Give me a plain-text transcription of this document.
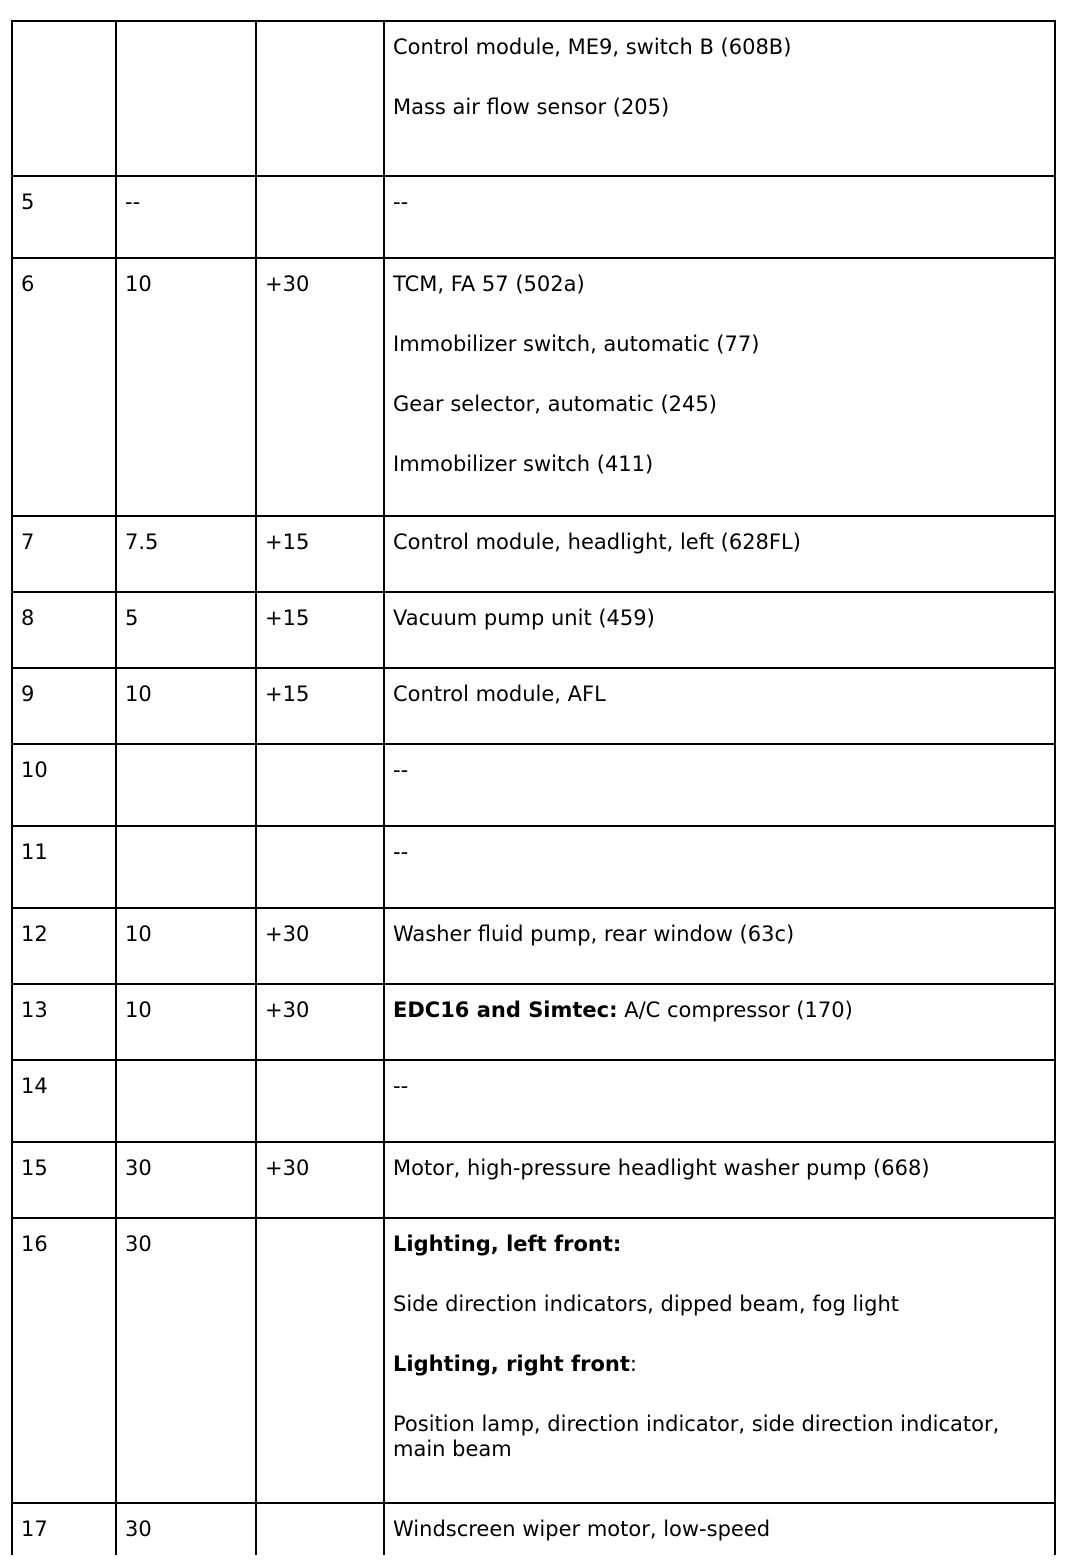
			Control module, ME9, switch B (608B)
Mass air flow sensor (205)

5	--		--

6	10	+30	TCM, FA 57 (502a)
Immobilizer switch, automatic (77)
Gear selector, automatic (245)
Immobilizer switch (411)

7	7.5	+15	Control module, headlight, left (628FL)

8	5	+15	Vacuum pump unit (459)

9	10	+15	Control module, AFL

10			--

11			--

12	10	+30	Washer fluid pump, rear window (63c)

13	10	+30	EDC16 and Simtec: A/C compressor (170)

14			--

15	30	+30	Motor, high-pressure headlight washer pump (668)

16	30		Lighting, left front:
Side direction indicators, dipped beam, fog light
Lighting, right front:
Position lamp, direction indicator, side direction indicator, main beam

17	30		Windscreen wiper motor, low-speed
